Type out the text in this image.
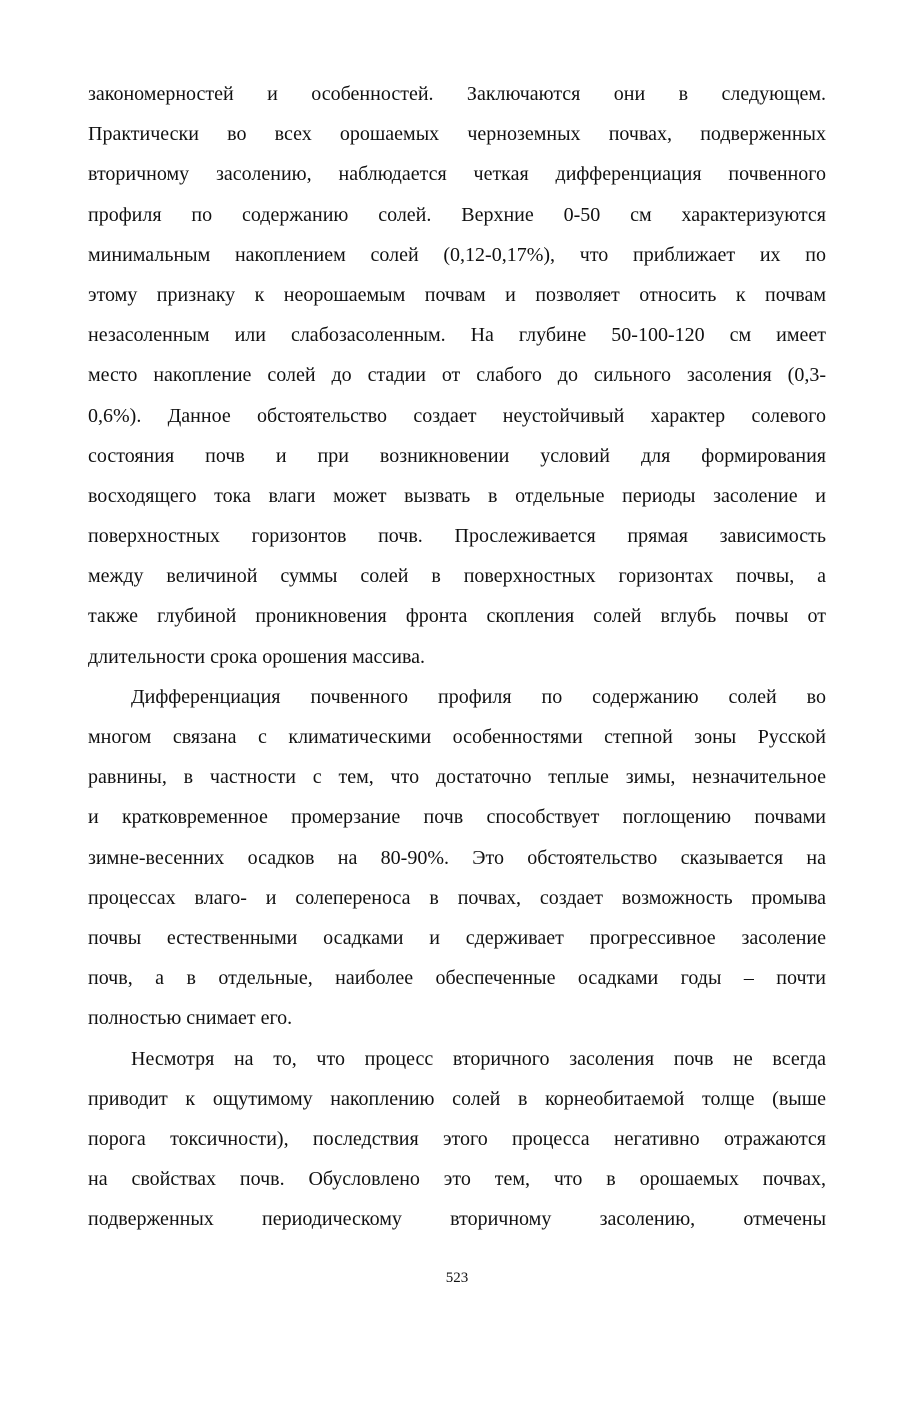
закономерностей и особенностей. Заключаются они в следующем.
Практически во всех орошаемых черноземных почвах, подверженных
вторичному засолению, наблюдается четкая дифференциация почвенного
профиля по содержанию солей. Верхние 0-50 см характеризуются
минимальным накоплением солей (0,12-0,17%), что приближает их по
этому признаку к неорошаемым почвам и позволяет относить к почвам
незасоленным или слабозасоленным. На глубине 50-100-120 см имеет
место накопление солей до стадии от слабого до сильного засоления (0,3-
0,6%). Данное обстоятельство создает неустойчивый характер солевого
состояния почв и при возникновении условий для формирования
восходящего тока влаги может вызвать в отдельные периоды засоление и
поверхностных горизонтов почв. Прослеживается прямая зависимость
между величиной суммы солей в поверхностных горизонтах почвы, а
также глубиной проникновения фронта скопления солей вглубь почвы от
длительности срока орошения массива.
Дифференциация почвенного профиля по содержанию солей во
многом связана с климатическими особенностями степной зоны Русской
равнины, в частности с тем, что достаточно теплые зимы, незначительное
и кратковременное промерзание почв способствует поглощению почвами
зимне-весенних осадков на 80-90%. Это обстоятельство сказывается на
процессах влаго- и солепереноса в почвах, создает возможность промыва
почвы естественными осадками и сдерживает прогрессивное засоление
почв, а в отдельные, наиболее обеспеченные осадками годы – почти
полностью снимает его.
Несмотря на то, что процесс вторичного засоления почв не всегда
приводит к ощутимому накоплению солей в корнеобитаемой толще (выше
порога токсичности), последствия этого процесса негативно отражаются
на свойствах почв. Обусловлено это тем, что в орошаемых почвах,
подверженных периодическому вторичному засолению, отмечены
523
